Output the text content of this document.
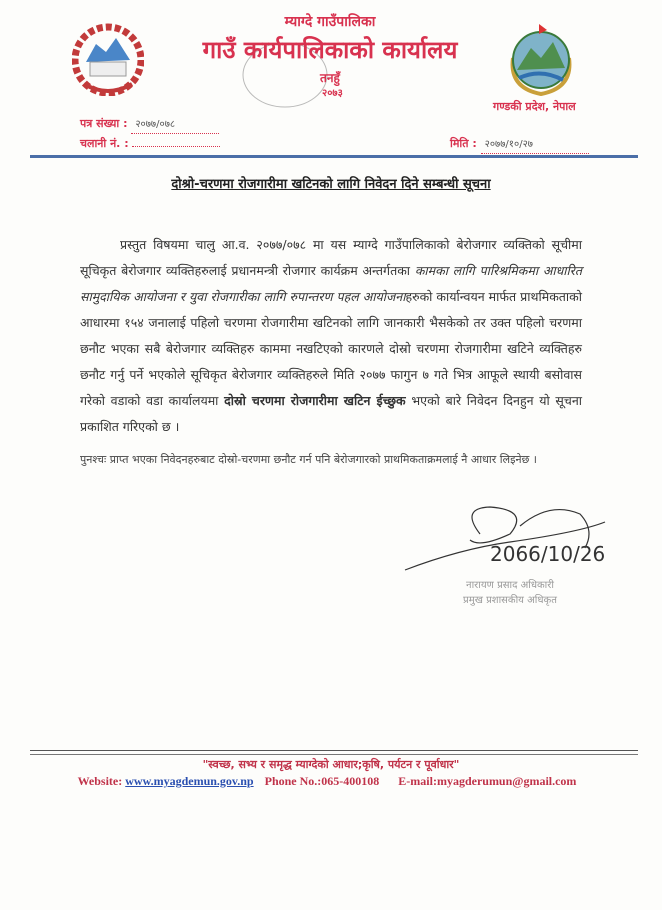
म्याग्दे गाउँपालिका
गाउँ कार्यपालिकाको कार्यालय
तनहुँ
२०७३
गण्डकी प्रदेश, नेपाल
पत्र संख्या : २०७७/०७८
चलानी नं. :	मिति : २०७७/१०/२७
दोश्रो-चरणमा रोजगारीमा खटिनको लागि निवेदन दिने सम्बन्धी सूचना
प्रस्तुत विषयमा चालु आ.व. २०७७/०७८ मा यस म्याग्दे गाउँपालिकाको बेरोजगार व्यक्तिको सूचीमा सूचिकृत बेरोजगार व्यक्तिहरुलाई प्रधानमन्त्री रोजगार कार्यक्रम अन्तर्गतका कामका लागि पारिश्रमिकमा आधारित सामुदायिक आयोजना र युवा रोजगारीका लागि रुपान्तरण पहल आयोजनाहरुको कार्यान्वयन मार्फत प्राथमिकताको आधारमा १५४ जनालाई पहिलो चरणमा रोजगारीमा खटिनको लागि जानकारी भैसकेको तर उक्त पहिलो चरणमा छनौट भएका सबै बेरोजगार व्यक्तिहरु काममा नखटिएको कारणले दोस्रो चरणमा रोजगारीमा खटिने व्यक्तिहरु छनौट गर्नु पर्ने भएकोले सूचिकृत बेरोजगार व्यक्तिहरुले मिति २०७७ फागुन ७ गते भित्र आफूले स्थायी बसोवास गरेको वडाको वडा कार्यालयमा दोस्रो चरणमा रोजगारीमा खटिन ईच्छुक भएको बारे निवेदन दिनहुन यो सूचना प्रकाशित गरिएको छ ।
पुनश्चः प्राप्त भएका निवेदनहरुबाट दोस्रो-चरणमा छनौट गर्न पनि बेरोजगारको प्राथमिकताक्रमलाई नै आधार लिइनेछ ।
2066/10/26
नारायण प्रसाद अधिकारी
प्रमुख प्रशासकीय अधिकृत
"स्वच्छ, सभ्य र समृद्ध म्याग्देको आधार;कृषि, पर्यटन र पूर्वाधार"
Website: www.myagdemun.gov.np Phone No.:065-400108 E-mail:myagderumun@gmail.com
